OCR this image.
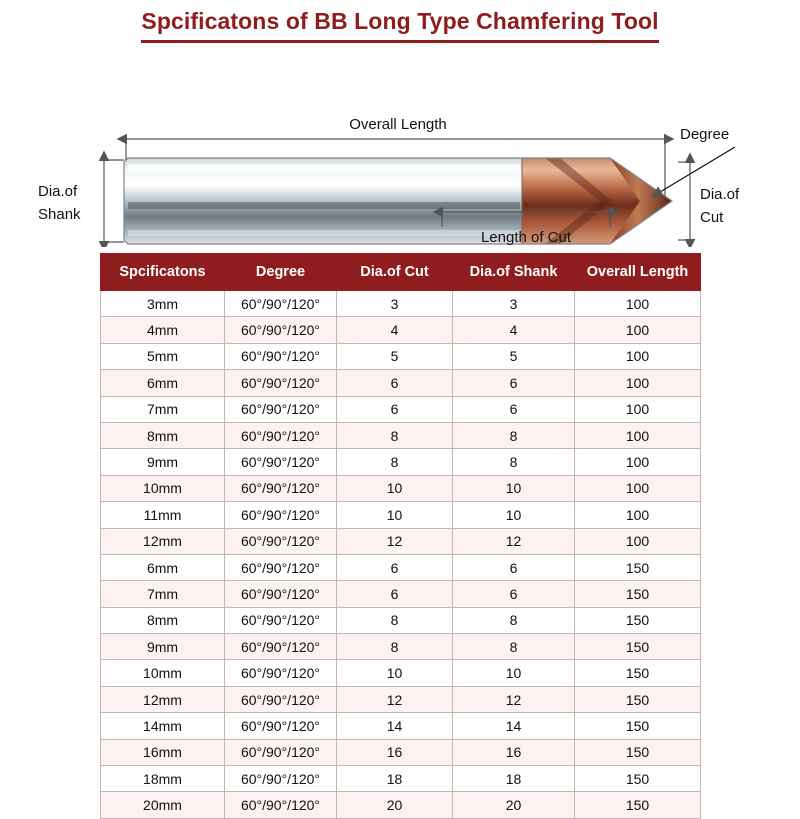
Spcificatons of BB Long Type Chamfering Tool
Overall Length
Degree
Dia.of
Shank
Dia.of
Cut
Length of Cut
Spcificatons	Degree	Dia.of Cut	Dia.of Shank	Overall Length
3mm	60°/90°/120°	3	3	100
4mm	60°/90°/120°	4	4	100
5mm	60°/90°/120°	5	5	100
6mm	60°/90°/120°	6	6	100
7mm	60°/90°/120°	6	6	100
8mm	60°/90°/120°	8	8	100
9mm	60°/90°/120°	8	8	100
10mm	60°/90°/120°	10	10	100
11mm	60°/90°/120°	10	10	100
12mm	60°/90°/120°	12	12	100
6mm	60°/90°/120°	6	6	150
7mm	60°/90°/120°	6	6	150
8mm	60°/90°/120°	8	8	150
9mm	60°/90°/120°	8	8	150
10mm	60°/90°/120°	10	10	150
12mm	60°/90°/120°	12	12	150
14mm	60°/90°/120°	14	14	150
16mm	60°/90°/120°	16	16	150
18mm	60°/90°/120°	18	18	150
20mm	60°/90°/120°	20	20	150
